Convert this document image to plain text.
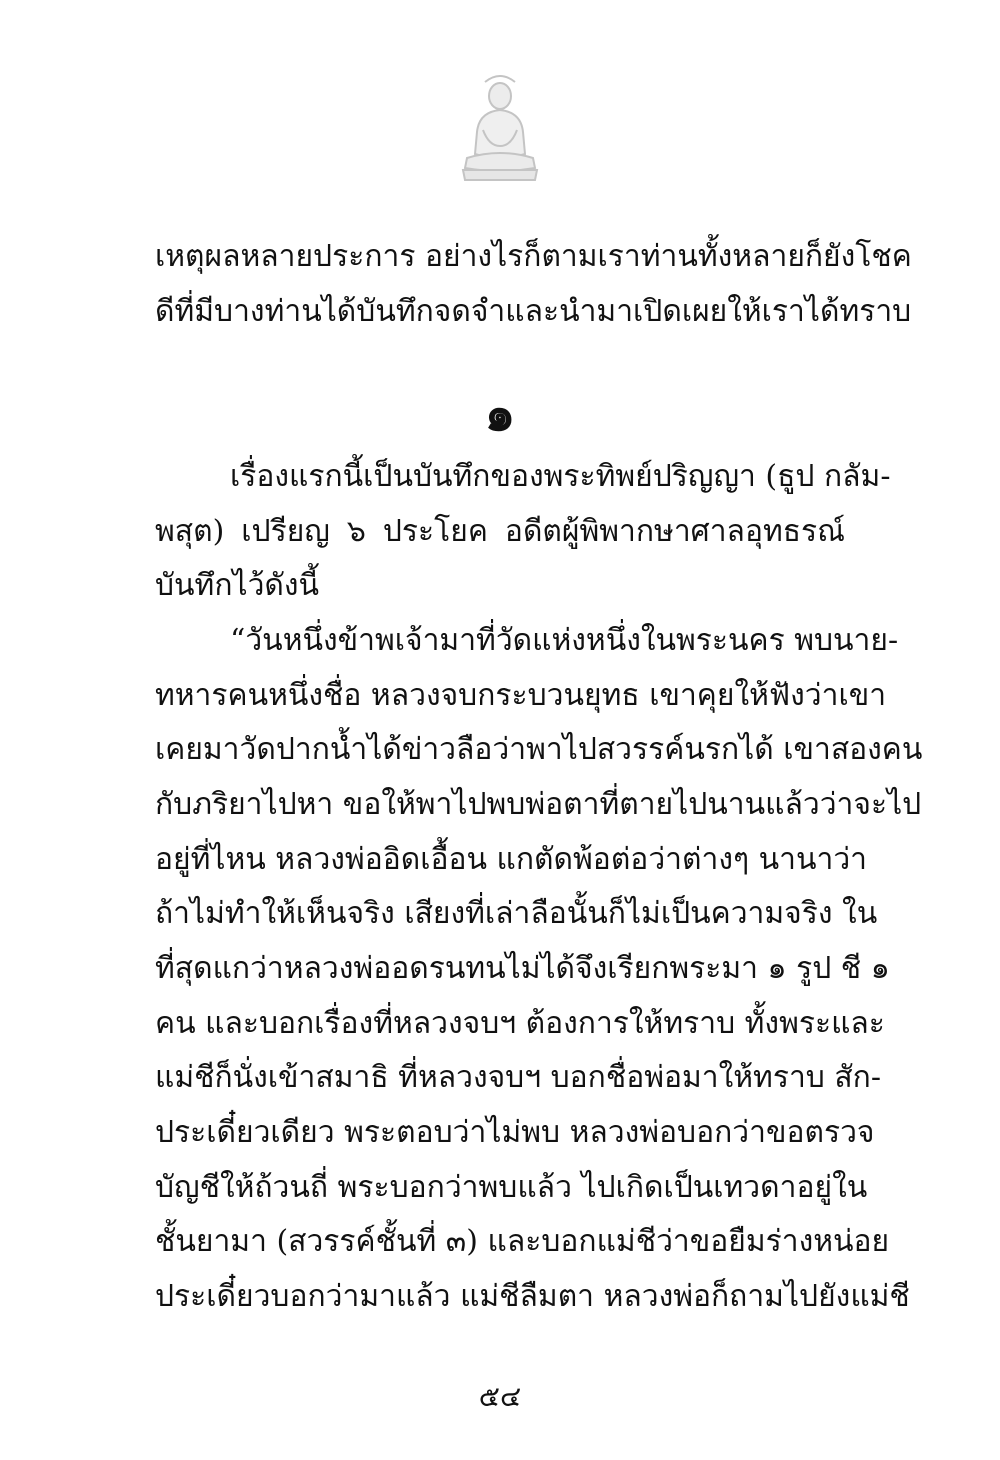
เหตุผลหลายประการ อย่างไรก็ตามเราท่านทั้งหลายก็ยังโชค
ดีที่มีบางท่านได้บันทึกจดจำและนำมาเปิดเผยให้เราได้ทราบ
๑
เรื่องแรกนี้เป็นบันทึกของพระทิพย์ปริญญา (ธูป กลัม-
พสุต) เปรียญ ๖ ประโยค อดีตผู้พิพากษาศาลอุทธรณ์
บันทึกไว้ดังนี้
“วันหนึ่งข้าพเจ้ามาที่วัดแห่งหนึ่งในพระนคร พบนาย-
ทหารคนหนึ่งชื่อ หลวงจบกระบวนยุทธ เขาคุยให้ฟังว่าเขา
เคยมาวัดปากน้ำได้ข่าวลือว่าพาไปสวรรค์นรกได้ เขาสองคน
กับภริยาไปหา ขอให้พาไปพบพ่อตาที่ตายไปนานแล้วว่าจะไป
อยู่ที่ไหน หลวงพ่ออิดเอื้อน แกตัดพ้อต่อว่าต่างๆ นานาว่า
ถ้าไม่ทำให้เห็นจริง เสียงที่เล่าลือนั้นก็ไม่เป็นความจริง ใน
ที่สุดแกว่าหลวงพ่ออดรนทนไม่ได้จึงเรียกพระมา ๑ รูป ชี ๑
คน และบอกเรื่องที่หลวงจบฯ ต้องการให้ทราบ ทั้งพระและ
แม่ชีก็นั่งเข้าสมาธิ ที่หลวงจบฯ บอกชื่อพ่อมาให้ทราบ สัก-
ประเดี๋ยวเดียว พระตอบว่าไม่พบ หลวงพ่อบอกว่าขอตรวจ
บัญชีให้ถ้วนถี่ พระบอกว่าพบแล้ว ไปเกิดเป็นเทวดาอยู่ใน
ชั้นยามา (สวรรค์ชั้นที่ ๓) และบอกแม่ชีว่าขอยืมร่างหน่อย
ประเดี๋ยวบอกว่ามาแล้ว แม่ชีลืมตา หลวงพ่อก็ถามไปยังแม่ชี
๕๔
